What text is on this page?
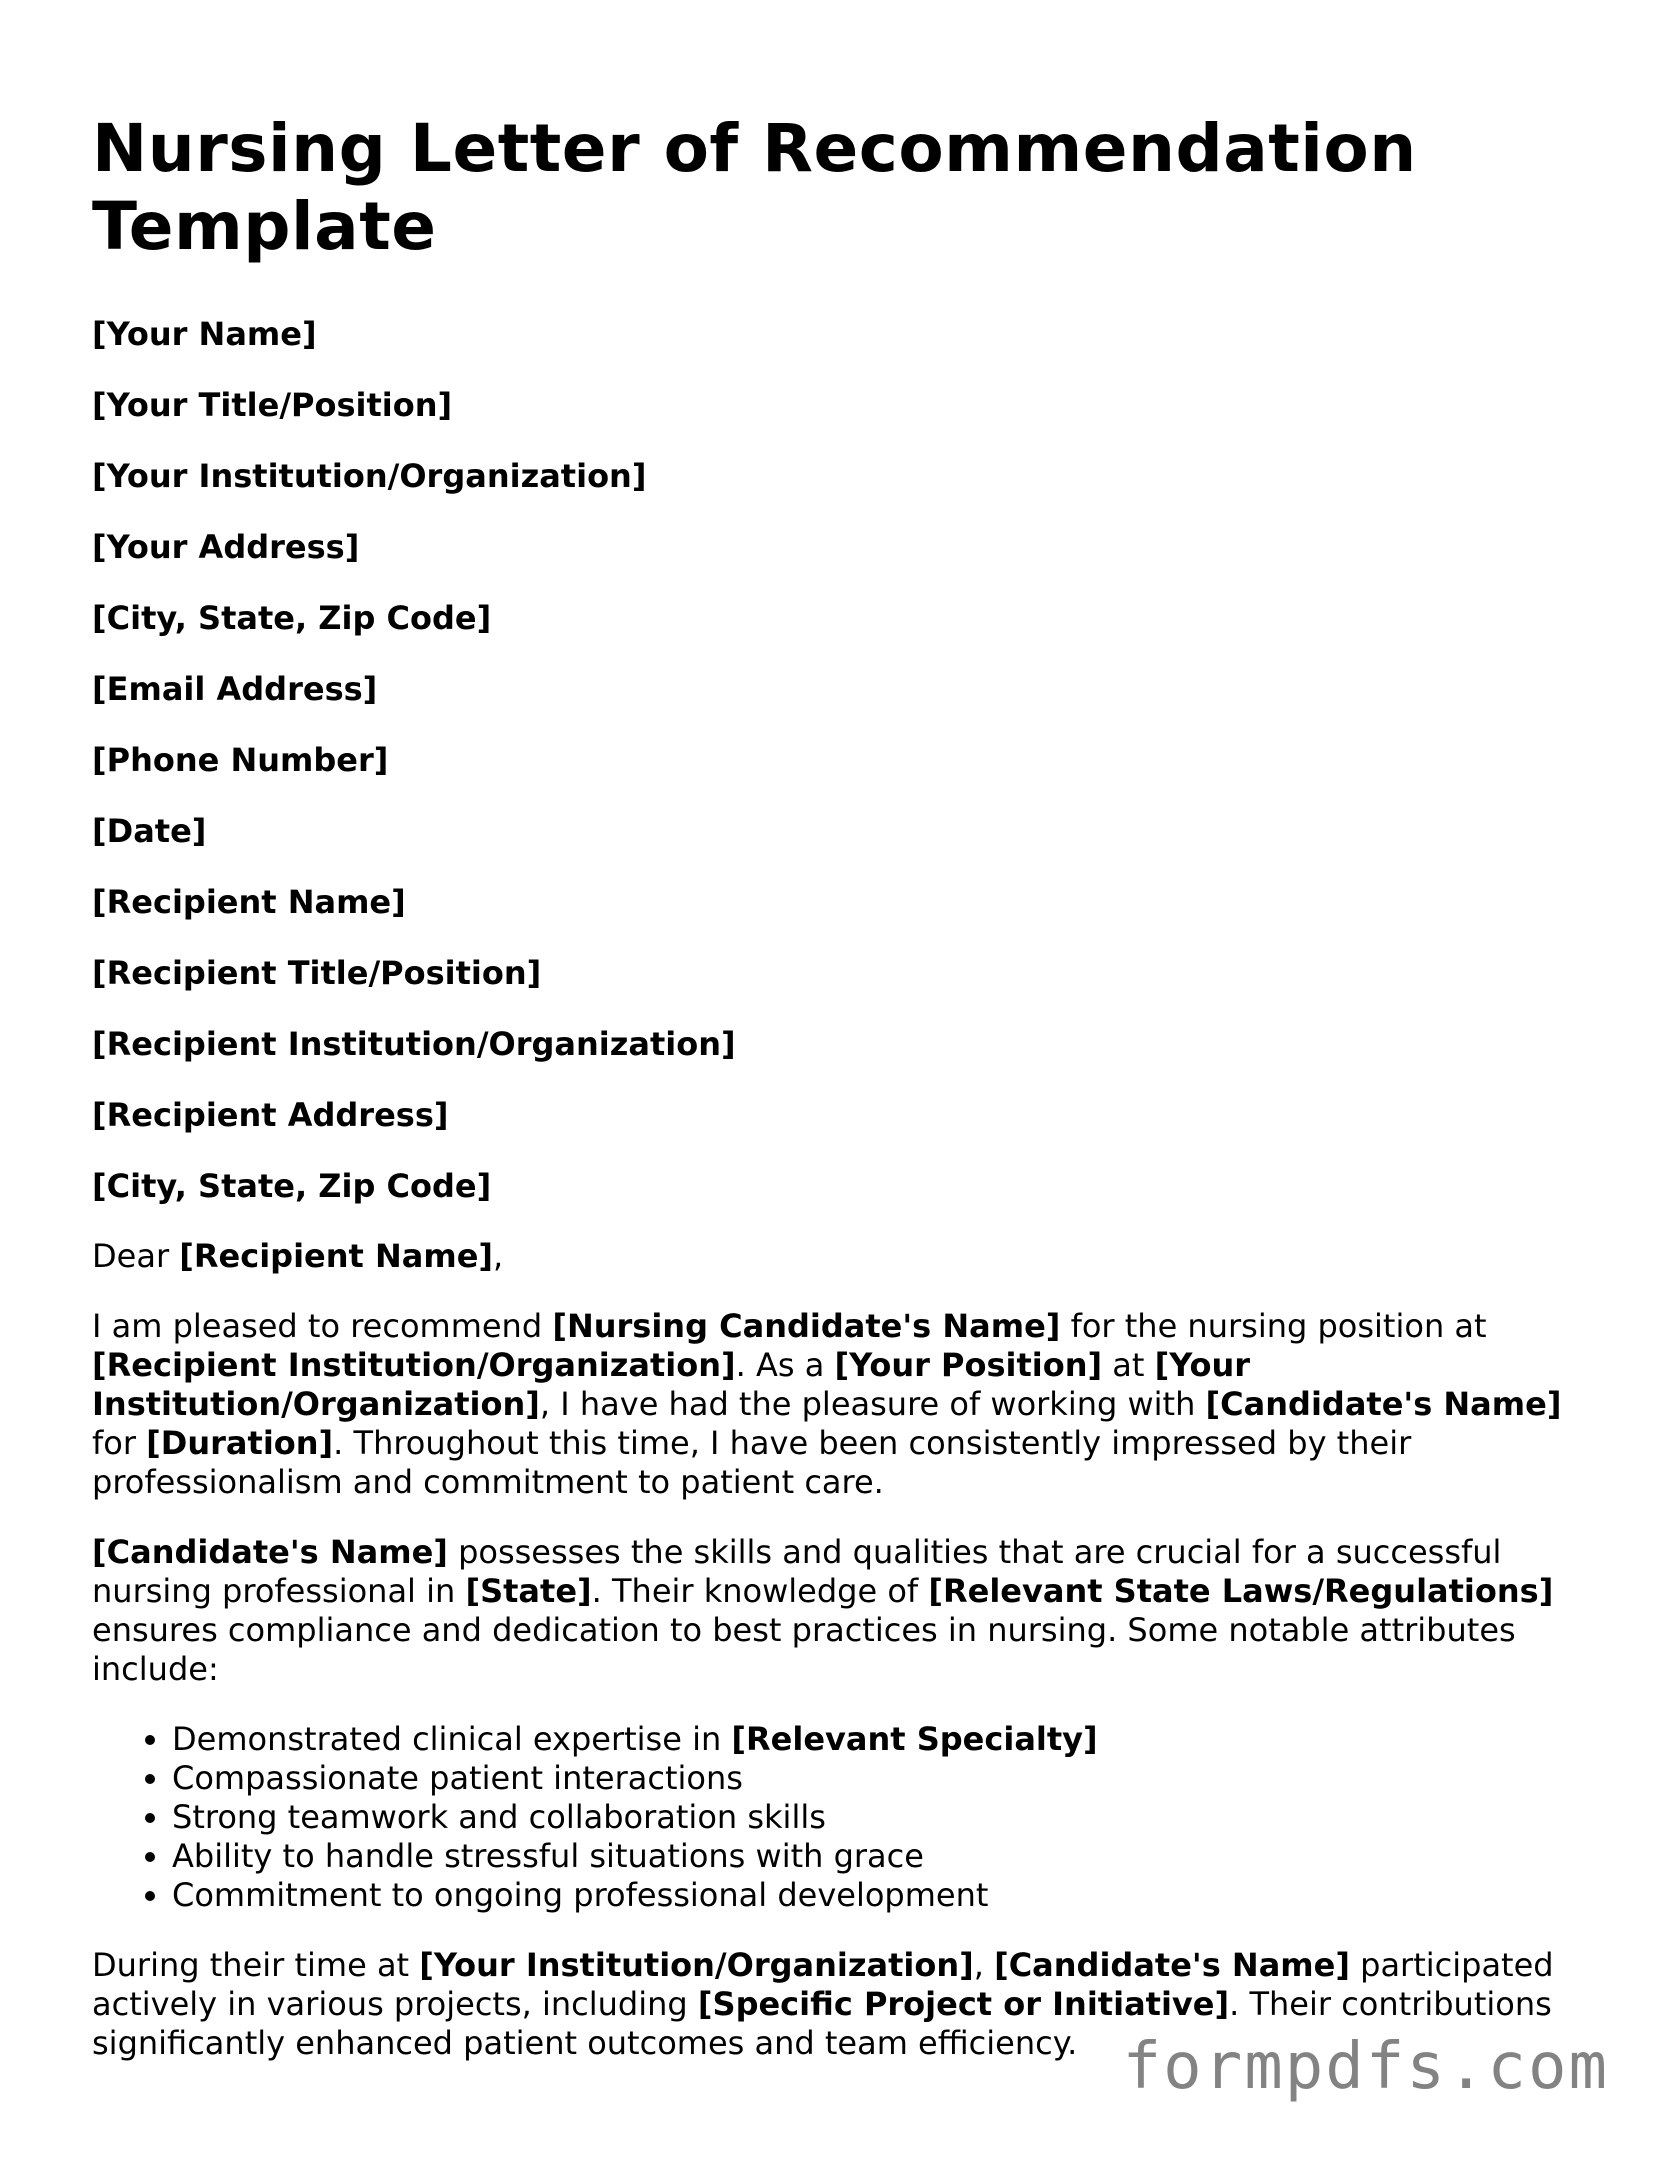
Nursing Letter of Recommendation Template
[Your Name]
[Your Title/Position]
[Your Institution/Organization]
[Your Address]
[City, State, Zip Code]
[Email Address]
[Phone Number]
[Date]
[Recipient Name]
[Recipient Title/Position]
[Recipient Institution/Organization]
[Recipient Address]
[City, State, Zip Code]

Dear [Recipient Name],

I am pleased to recommend [Nursing Candidate's Name] for the nursing position at [Recipient Institution/Organization]. As a [Your Position] at [Your Institution/Organization], I have had the pleasure of working with [Candidate's Name] for [Duration]. Throughout this time, I have been consistently impressed by their professionalism and commitment to patient care.

[Candidate's Name] possesses the skills and qualities that are crucial for a successful nursing professional in [State]. Their knowledge of [Relevant State Laws/Regulations] ensures compliance and dedication to best practices in nursing. Some notable attributes include:

• Demonstrated clinical expertise in [Relevant Specialty]
• Compassionate patient interactions
• Strong teamwork and collaboration skills
• Ability to handle stressful situations with grace
• Commitment to ongoing professional development

During their time at [Your Institution/Organization], [Candidate's Name] participated actively in various projects, including [Specific Project or Initiative]. Their contributions significantly enhanced patient outcomes and team efficiency. formpdfs.com
